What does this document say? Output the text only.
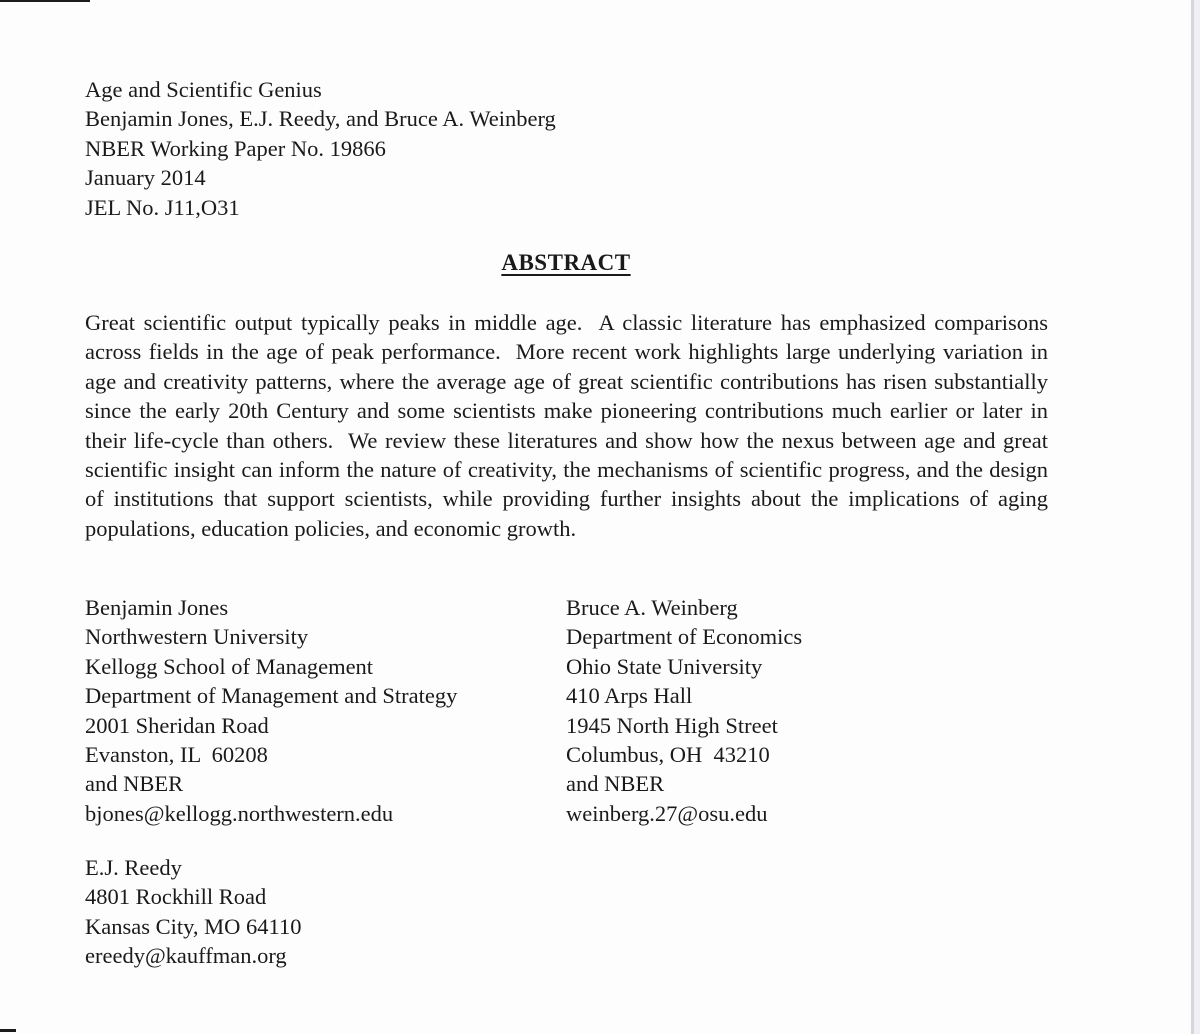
Age and Scientific Genius
Benjamin Jones, E.J. Reedy, and Bruce A. Weinberg
NBER Working Paper No. 19866
January 2014
JEL No. J11,O31
ABSTRACT
Great scientific output typically peaks in middle age.  A classic literature has emphasized comparisons across fields in the age of peak performance.  More recent work highlights large underlying variation in age and creativity patterns, where the average age of great scientific contributions has risen substantially since the early 20th Century and some scientists make pioneering contributions much earlier or later in their life-cycle than others.  We review these literatures and show how the nexus between age and great scientific insight can inform the nature of creativity, the mechanisms of scientific progress, and the design of institutions that support scientists, while providing further insights about the implications of aging populations, education policies, and economic growth.
Benjamin Jones
Northwestern University
Kellogg School of Management
Department of Management and Strategy
2001 Sheridan Road
Evanston, IL  60208
and NBER
bjones@kellogg.northwestern.edu
Bruce A. Weinberg
Department of Economics
Ohio State University
410 Arps Hall
1945 North High Street
Columbus, OH  43210
and NBER
weinberg.27@osu.edu
E.J. Reedy
4801 Rockhill Road
Kansas City, MO 64110
ereedy@kauffman.org
